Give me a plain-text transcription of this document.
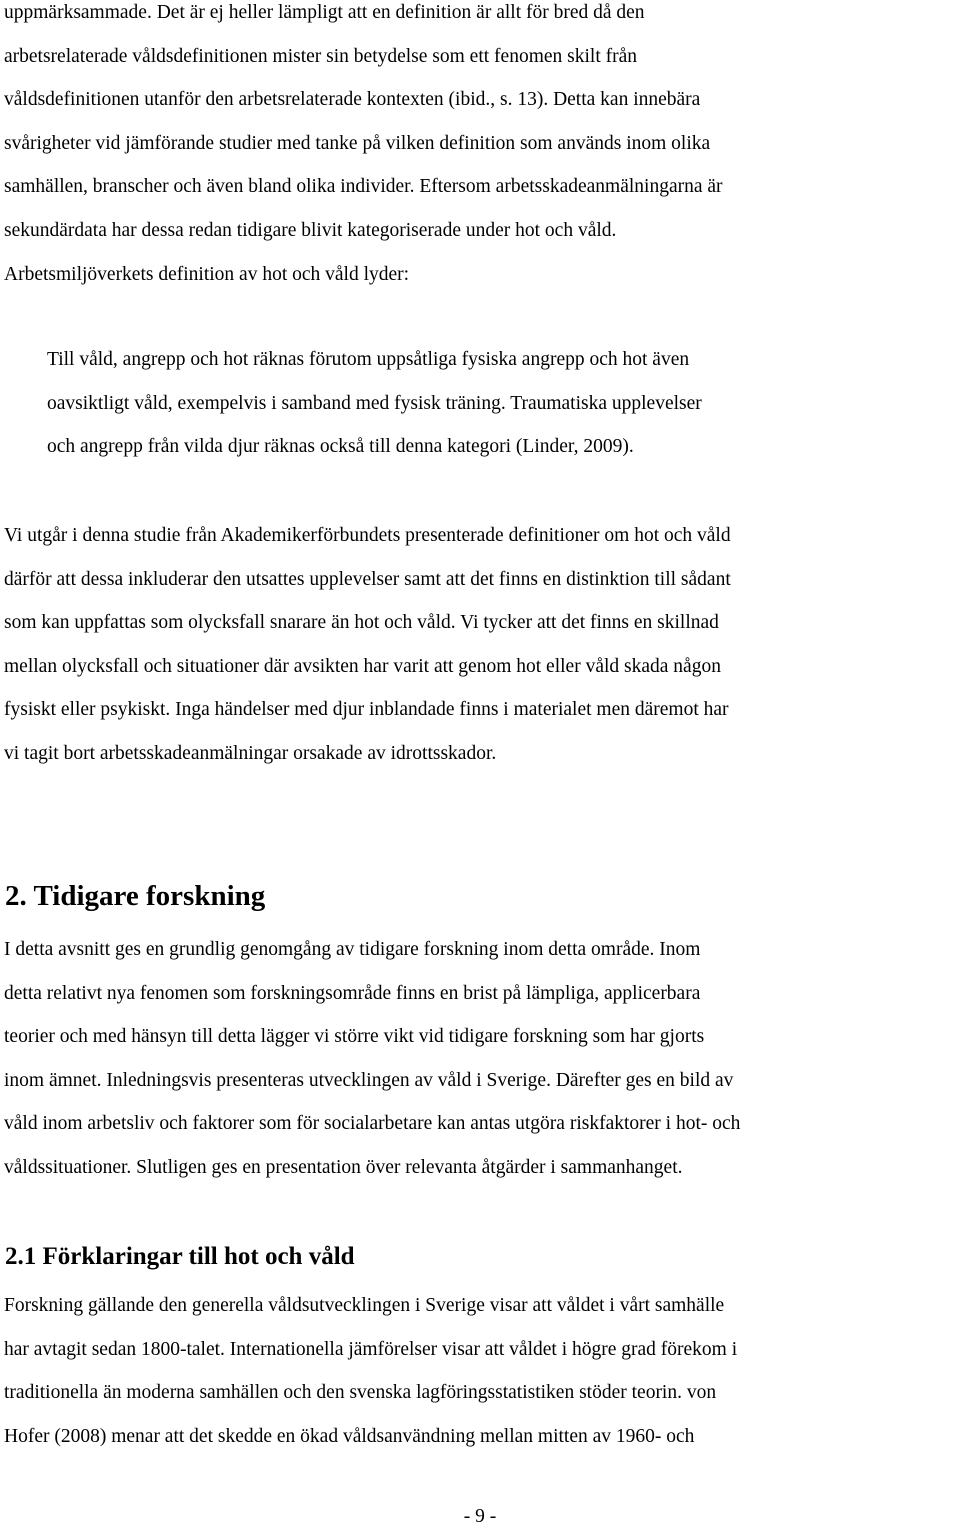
uppmärksammade. Det är ej heller lämpligt att en definition är allt för bred då den
arbetsrelaterade våldsdefinitionen mister sin betydelse som ett fenomen skilt från
våldsdefinitionen utanför den arbetsrelaterade kontexten (ibid., s. 13). Detta kan innebära
svårigheter vid jämförande studier med tanke på vilken definition som används inom olika
samhällen, branscher och även bland olika individer. Eftersom arbetsskadeanmälningarna är
sekundärdata har dessa redan tidigare blivit kategoriserade under hot och våld.
Arbetsmiljöverkets definition av hot och våld lyder:

Till våld, angrepp och hot räknas förutom uppsåtliga fysiska angrepp och hot även
oavsiktligt våld, exempelvis i samband med fysisk träning. Traumatiska upplevelser
och angrepp från vilda djur räknas också till denna kategori (Linder, 2009).

Vi utgår i denna studie från Akademikerförbundets presenterade definitioner om hot och våld
därför att dessa inkluderar den utsattes upplevelser samt att det finns en distinktion till sådant
som kan uppfattas som olycksfall snarare än hot och våld. Vi tycker att det finns en skillnad
mellan olycksfall och situationer där avsikten har varit att genom hot eller våld skada någon
fysiskt eller psykiskt. Inga händelser med djur inblandade finns i materialet men däremot har
vi tagit bort arbetsskadeanmälningar orsakade av idrottsskador.

2. Tidigare forskning

I detta avsnitt ges en grundlig genomgång av tidigare forskning inom detta område. Inom
detta relativt nya fenomen som forskningsområde finns en brist på lämpliga, applicerbara
teorier och med hänsyn till detta lägger vi större vikt vid tidigare forskning som har gjorts
inom ämnet. Inledningsvis presenteras utvecklingen av våld i Sverige. Därefter ges en bild av
våld inom arbetsliv och faktorer som för socialarbetare kan antas utgöra riskfaktorer i hot- och
våldssituationer. Slutligen ges en presentation över relevanta åtgärder i sammanhanget.

2.1 Förklaringar till hot och våld

Forskning gällande den generella våldsutvecklingen i Sverige visar att våldet i vårt samhälle
har avtagit sedan 1800-talet. Internationella jämförelser visar att våldet i högre grad förekom i
traditionella än moderna samhällen och den svenska lagföringsstatistiken stöder teorin. von
Hofer (2008) menar att det skedde en ökad våldsanvändning mellan mitten av 1960- och

- 9 -
